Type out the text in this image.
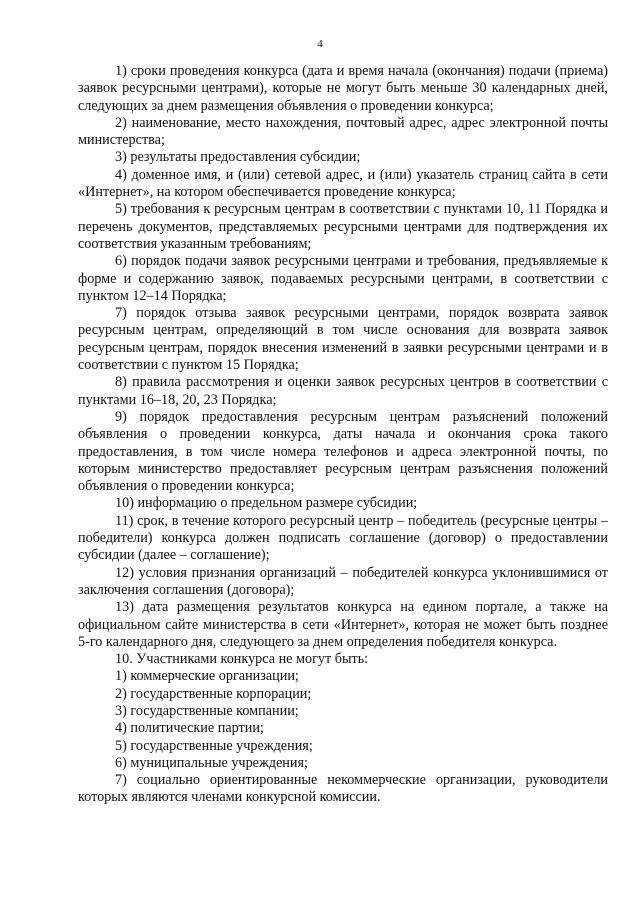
4

1) сроки проведения конкурса (дата и время начала (окончания) подачи (приема) заявок ресурсными центрами), которые не могут быть меньше 30 календарных дней, следующих за днем размещения объявления о проведении конкурса;

2) наименование, место нахождения, почтовый адрес, адрес электронной почты министерства;

3) результаты предоставления субсидии;

4) доменное имя, и (или) сетевой адрес, и (или) указатель страниц сайта в сети «Интернет», на котором обеспечивается проведение конкурса;

5) требования к ресурсным центрам в соответствии с пунктами 10, 11 Порядка и перечень документов, представляемых ресурсными центрами для подтверждения их соответствия указанным требованиям;

6) порядок подачи заявок ресурсными центрами и требования, предъявляемые к форме и содержанию заявок, подаваемых ресурсными центрами, в соответствии с пунктом 12–14 Порядка;

7) порядок отзыва заявок ресурсными центрами, порядок возврата заявок ресурсным центрам, определяющий в том числе основания для возврата заявок ресурсным центрам, порядок внесения изменений в заявки ресурсными центрами и в соответствии с пунктом 15 Порядка;

8) правила рассмотрения и оценки заявок ресурсных центров в соответствии с пунктами 16–18, 20, 23 Порядка;

9) порядок предоставления ресурсным центрам разъяснений положений объявления о проведении конкурса, даты начала и окончания срока такого предоставления, в том числе номера телефонов и адреса электронной почты, по которым министерство предоставляет ресурсным центрам разъяснения положений объявления о проведении конкурса;

10) информацию о предельном размере субсидии;

11) срок, в течение которого ресурсный центр – победитель (ресурсные центры – победители) конкурса должен подписать соглашение (договор) о предоставлении субсидии (далее – соглашение);

12) условия признания организаций – победителей конкурса уклонившимися от заключения соглашения (договора);

13) дата размещения результатов конкурса на едином портале, а также на официальном сайте министерства в сети «Интернет», которая не может быть позднее 5-го календарного дня, следующего за днем определения победителя конкурса.

10. Участниками конкурса не могут быть:

1) коммерческие организации;

2) государственные корпорации;

3) государственные компании;

4) политические партии;

5) государственные учреждения;

6) муниципальные учреждения;

7) социально ориентированные некоммерческие организации, руководители которых являются членами конкурсной комиссии.
